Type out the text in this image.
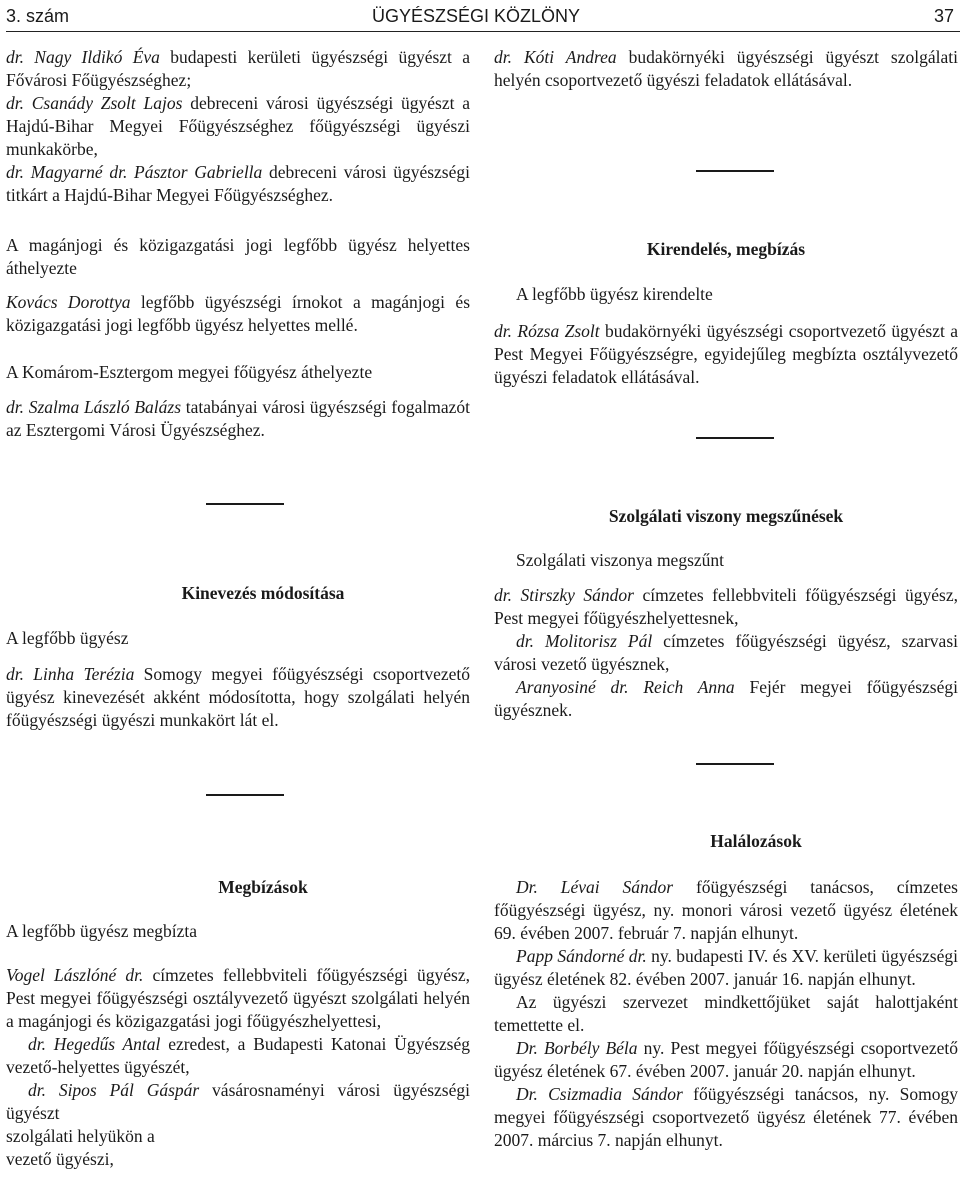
3. szám	ÜGYÉSZSÉGI KÖZLÖNY	37

dr. Nagy Ildikó Éva budapesti kerületi ügyészségi ügyészt a Fővárosi Főügyészséghez;
dr. Csanády Zsolt Lajos debreceni városi ügyészségi ügyészt a Hajdú-Bihar Megyei Főügyészséghez főügyészségi ügyészi munkakörbe,
dr. Magyarné dr. Pásztor Gabriella debreceni városi ügyészségi titkárt a Hajdú-Bihar Megyei Főügyészséghez.

A magánjogi és közigazgatási jogi legfőbb ügyész helyettes áthelyezte

Kovács Dorottya legfőbb ügyészségi írnokot a magánjogi és közigazgatási jogi legfőbb ügyész helyettes mellé.

A Komárom-Esztergom megyei főügyész áthelyezte

dr. Szalma László Balázs tatabányai városi ügyészségi fogalmazót az Esztergomi Városi Ügyészséghez.

Kinevezés módosítása

A legfőbb ügyész

dr. Linha Terézia Somogy megyei főügyészségi csoportvezető ügyész kinevezését akként módosította, hogy szolgálati helyén főügyészségi ügyészi munkakört lát el.

Megbízások

A legfőbb ügyész megbízta

Vogel Lászlóné dr. címzetes fellebbviteli főügyészségi ügyész, Pest megyei főügyészségi osztályvezető ügyészt szolgálati helyén a magánjogi és közigazgatási jogi főügyészhelyettesi,
dr. Hegedűs Antal ezredest, a Budapesti Katonai Ügyészség vezető-helyettes ügyészét,
dr. Sipos Pál Gáspár vásárosnaményi városi ügyészségi ügyészt
szolgálati helyükön a
vezető ügyészi,

dr. Kóti Andrea budakörnyéki ügyészségi ügyészt szolgálati helyén csoportvezető ügyészi feladatok ellátásával.

Kirendelés, megbízás

A legfőbb ügyész kirendelte

dr. Rózsa Zsolt budakörnyéki ügyészségi csoportvezető ügyészt a Pest Megyei Főügyészségre, egyidejűleg megbízta osztályvezető ügyészi feladatok ellátásával.

Szolgálati viszony megszűnések

Szolgálati viszonya megszűnt

dr. Stirszky Sándor címzetes fellebbviteli főügyészségi ügyész, Pest megyei főügyészhelyettesnek,
dr. Molitorisz Pál címzetes főügyészségi ügyész, szarvasi városi vezető ügyésznek,
Aranyosiné dr. Reich Anna Fejér megyei főügyészségi ügyésznek.

Halálozások

Dr. Lévai Sándor főügyészségi tanácsos, címzetes főügyészségi ügyész, ny. monori városi vezető ügyész életének 69. évében 2007. február 7. napján elhunyt.
Papp Sándorné dr. ny. budapesti IV. és XV. kerületi ügyészségi ügyész életének 82. évében 2007. január 16. napján elhunyt.
Az ügyészi szervezet mindkettőjüket saját halottjaként temettette el.
Dr. Borbély Béla ny. Pest megyei főügyészségi csoportvezető ügyész életének 67. évében 2007. január 20. napján elhunyt.
Dr. Csizmadia Sándor főügyészségi tanácsos, ny. Somogy megyei főügyészségi csoportvezető ügyész életének 77. évében 2007. március 7. napján elhunyt.
